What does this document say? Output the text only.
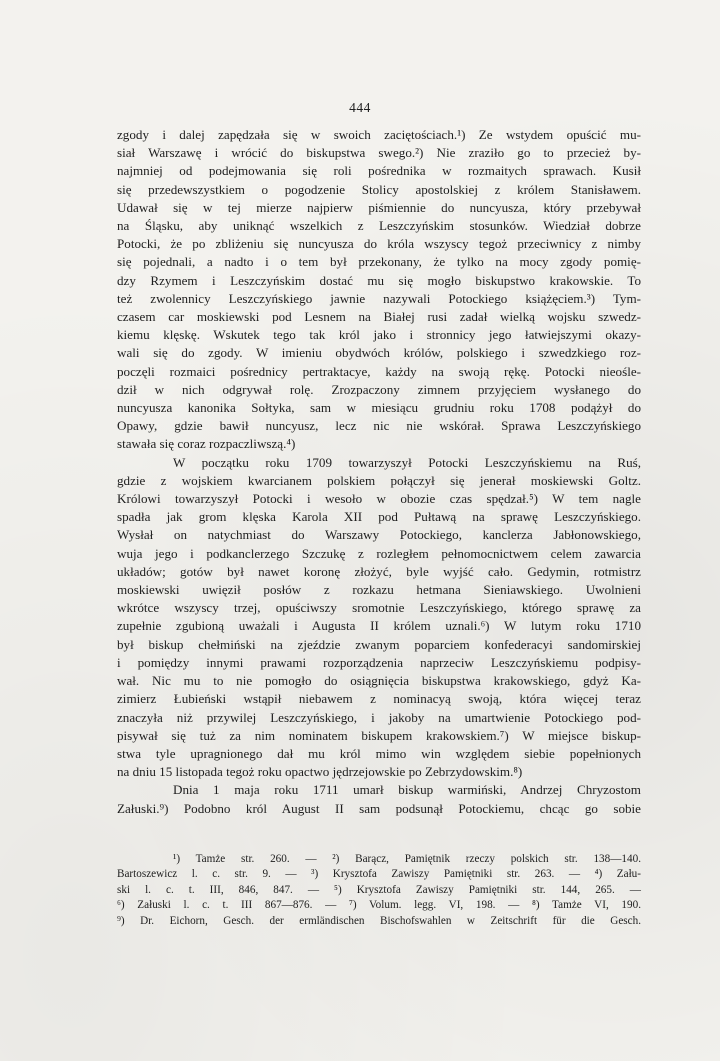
444

zgody i dalej zapędzała się w swoich zaciętościach.¹) Ze wstydem opuścić mu-

siał Warszawę i wrócić do biskupstwa swego.²) Nie zraziło go to przecież by-

najmniej od podejmowania się roli pośrednika w rozmaitych sprawach. Kusił

się przedewszystkiem o pogodzenie Stolicy apostolskiej z królem Stanisławem.

Udawał się w tej mierze najpierw piśmiennie do nuncyusza, który przebywał

na Śląsku, aby uniknąć wszelkich z Leszczyńskim stosunków. Wiedział dobrze

Potocki, że po zbliżeniu się nuncyusza do króla wszyscy tegoż przeciwnicy z nimby

się pojednali, a nadto i o tem był przekonany, że tylko na mocy zgody pomię-

dzy Rzymem i Leszczyńskim dostać mu się mogło biskupstwo krakowskie. To

też zwolennicy Leszczyńskiego jawnie nazywali Potockiego książęciem.³) Tym-

czasem car moskiewski pod Lesnem na Białej rusi zadał wielką wojsku szwedz-

kiemu klęskę. Wskutek tego tak król jako i stronnicy jego łatwiejszymi okazy-

wali się do zgody. W imieniu obydwóch królów, polskiego i szwedzkiego roz-

poczęli rozmaici pośrednicy pertraktacye, każdy na swoją rękę. Potocki nieośle-

dził w nich odgrywał rolę. Zrozpaczony zimnem przyjęciem wysłanego do

nuncyusza kanonika Sołtyka, sam w miesiącu grudniu roku 1708 podążył do

Opawy, gdzie bawił nuncyusz, lecz nic nie wskórał. Sprawa Leszczyńskiego

stawała się coraz rozpaczliwszą.⁴)

W początku roku 1709 towarzyszył Potocki Leszczyńskiemu na Ruś,

gdzie z wojskiem kwarcianem polskiem połączył się jenerał moskiewski Goltz.

Królowi towarzyszył Potocki i wesoło w obozie czas spędzał.⁵) W tem nagle

spadła jak grom klęska Karola XII pod Pułtawą na sprawę Leszczyńskiego.

Wysłał on natychmiast do Warszawy Potockiego, kanclerza Jabłonowskiego,

wuja jego i podkanclerzego Szczukę z rozległem pełnomocnictwem celem zawarcia

układów; gotów był nawet koronę złożyć, byle wyjść cało. Gedymin, rotmistrz

moskiewski uwięził posłów z rozkazu hetmana Sieniawskiego. Uwolnieni

wkrótce wszyscy trzej, opuściwszy sromotnie Leszczyńskiego, którego sprawę za

zupełnie zgubioną uważali i Augusta II królem uznali.⁶) W lutym roku 1710

był biskup chełmiński na zjeździe zwanym poparciem konfederacyi sandomirskiej

i pomiędzy innymi prawami rozporządzenia naprzeciw Leszczyńskiemu podpisy-

wał. Nic mu to nie pomogło do osiągnięcia biskupstwa krakowskiego, gdyż Ka-

zimierz Łubieński wstąpił niebawem z nominacyą swoją, która więcej teraz

znaczyła niż przywilej Leszczyńskiego, i jakoby na umartwienie Potockiego pod-

pisywał się tuż za nim nominatem biskupem krakowskiem.⁷) W miejsce biskup-

stwa tyle upragnionego dał mu król mimo win względem siebie popełnionych

na dniu 15 listopada tegoż roku opactwo jędrzejowskie po Zebrzydowskim.⁸)

Dnia 1 maja roku 1711 umarł biskup warmiński, Andrzej Chryzostom

Załuski.⁹) Podobno król August II sam podsunął Potockiemu, chcąc go sobie

¹) Tamże str. 260. — ²) Barącz, Pamiętnik rzeczy polskich str. 138—140.

Bartoszewicz l. c. str. 9. — ³) Krysztofa Zawiszy Pamiętniki str. 263. — ⁴) Zału-

ski l. c. t. III, 846, 847. — ⁵) Krysztofa Zawiszy Pamiętniki str. 144, 265. —

⁶) Załuski l. c. t. III 867—876. — ⁷) Volum. legg. VI, 198. — ⁸) Tamże VI, 190.

⁹) Dr. Eichorn, Gesch. der ermländischen Bischofswahlen w Zeitschrift für die Gesch.
